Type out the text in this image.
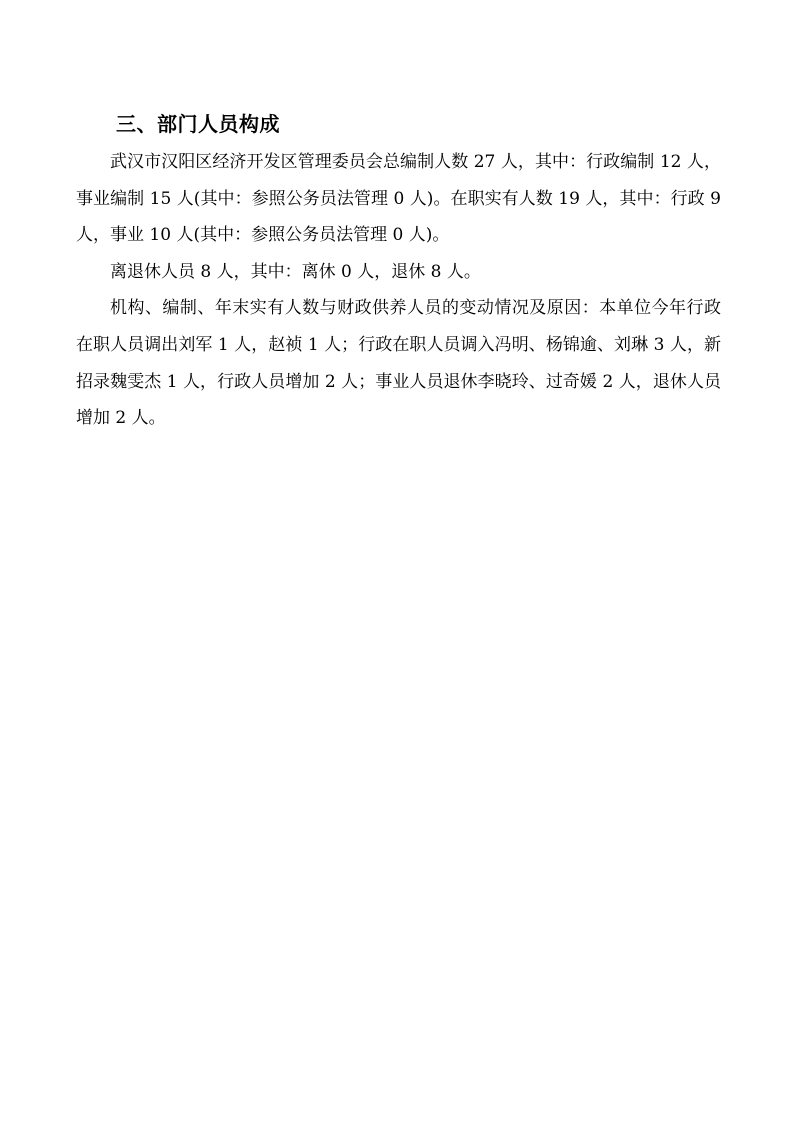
三、部门人员构成

武汉市汉阳区经济开发区管理委员会总编制人数 27 人，其中：行政编制 12 人，事业编制 15 人(其中：参照公务员法管理 0 人)。在职实有人数 19 人，其中：行政 9 人，事业 10 人(其中：参照公务员法管理 0 人)。

离退休人员 8 人，其中：离休 0 人，退休 8 人。

机构、编制、年末实有人数与财政供养人员的变动情况及原因：本单位今年行政在职人员调出刘军 1 人，赵祯 1 人；行政在职人员调入冯明、杨锦逾、刘琳 3 人，新招录魏雯杰 1 人，行政人员增加 2 人；事业人员退休李晓玲、过奇媛 2 人，退休人员增加 2 人。
